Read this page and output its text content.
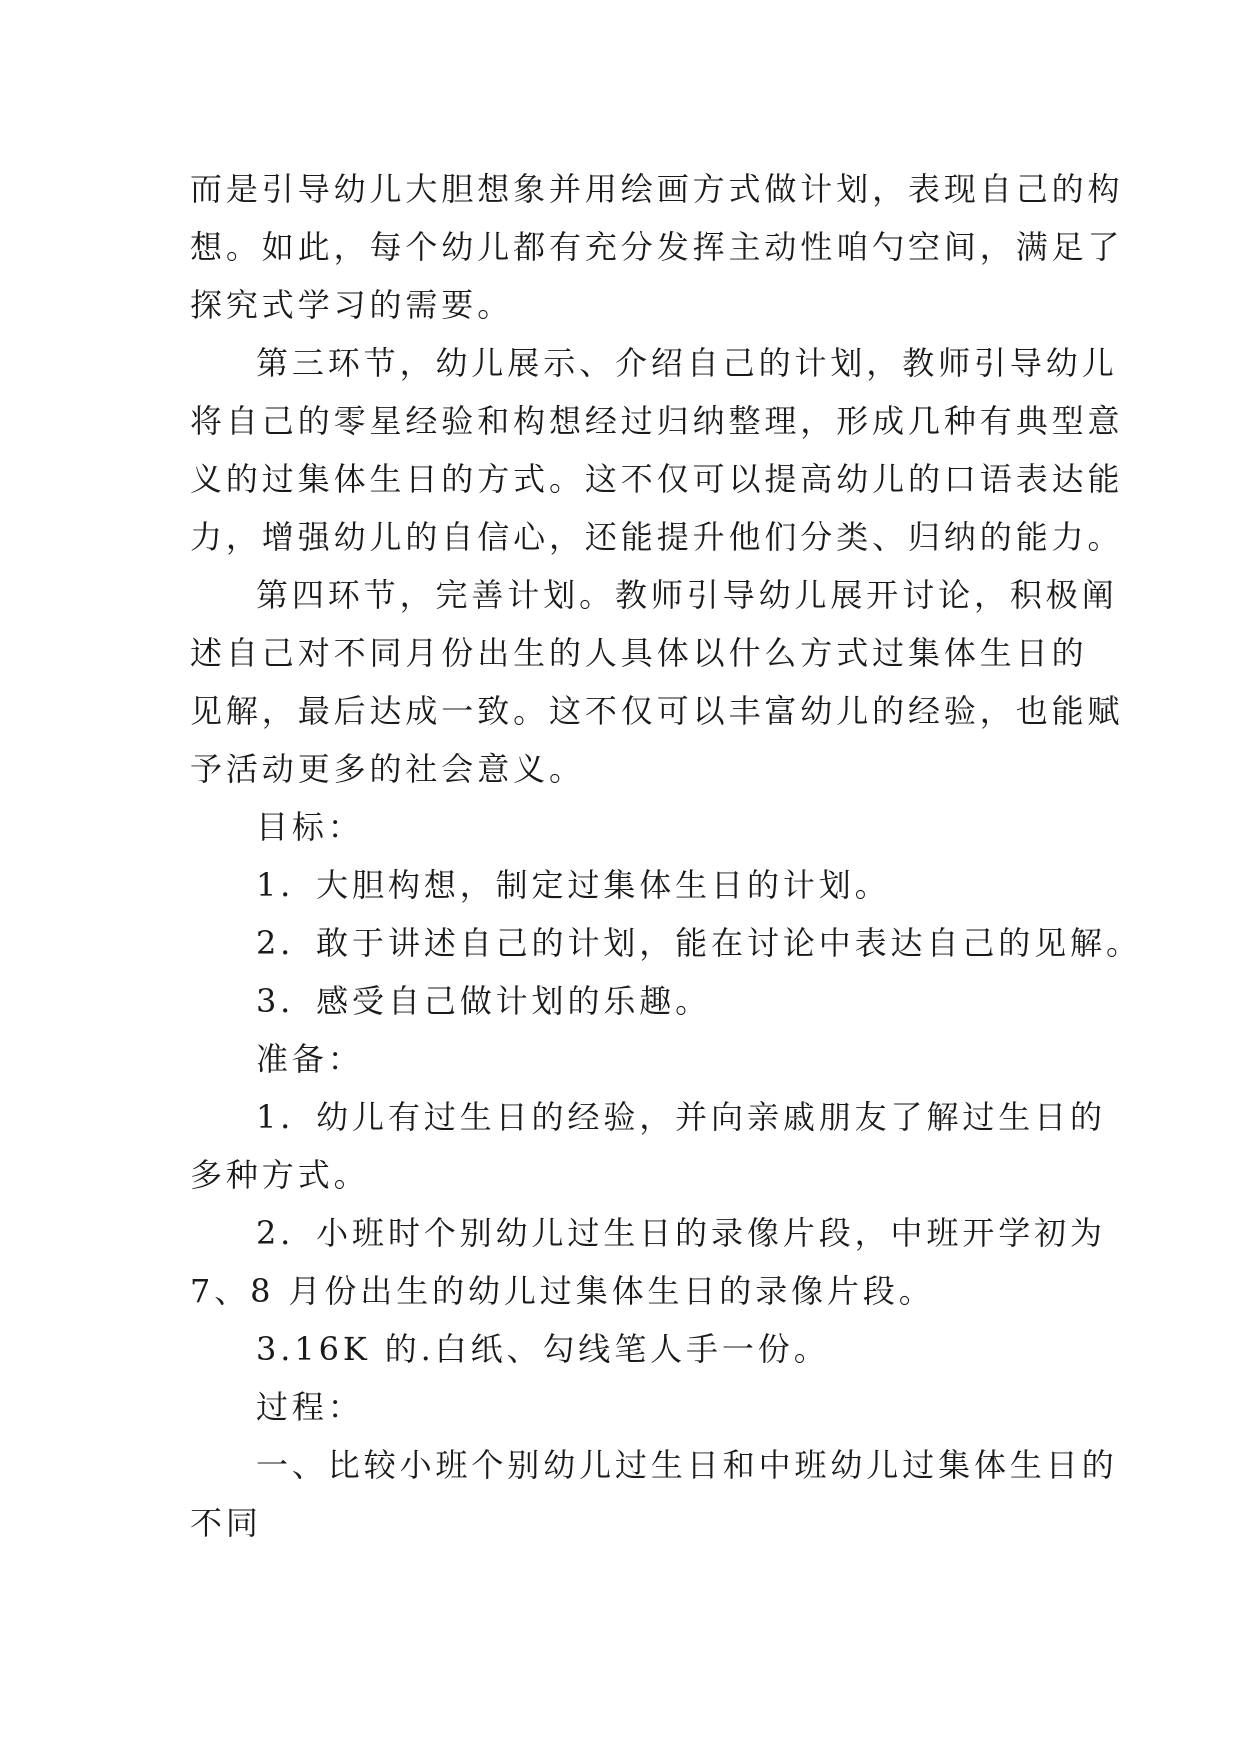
而是引导幼儿大胆想象并用绘画方式做计划，表现自己的构
想。如此，每个幼儿都有充分发挥主动性咱勺空间，满足了
探究式学习的需要。
第三环节，幼儿展示、介绍自己的计划，教师引导幼儿
将自己的零星经验和构想经过归纳整理，形成几种有典型意
义的过集体生日的方式。这不仅可以提高幼儿的口语表达能
力，增强幼儿的自信心，还能提升他们分类、归纳的能力。
第四环节，完善计划。教师引导幼儿展开讨论，积极阐
述自己对不同月份出生的人具体以什么方式过集体生日的
见解，最后达成一致。这不仅可以丰富幼儿的经验，也能赋
予活动更多的社会意义。
目标：
1．大胆构想，制定过集体生日的计划。
2．敢于讲述自己的计划，能在讨论中表达自己的见解。
3．感受自己做计划的乐趣。
准备：
1．幼儿有过生日的经验，并向亲戚朋友了解过生日的
多种方式。
2．小班时个别幼儿过生日的录像片段，中班开学初为
7、8 月份出生的幼儿过集体生日的录像片段。
3.16K 的.白纸、勾线笔人手一份。
过程：
一、比较小班个别幼儿过生日和中班幼儿过集体生日的
不同
